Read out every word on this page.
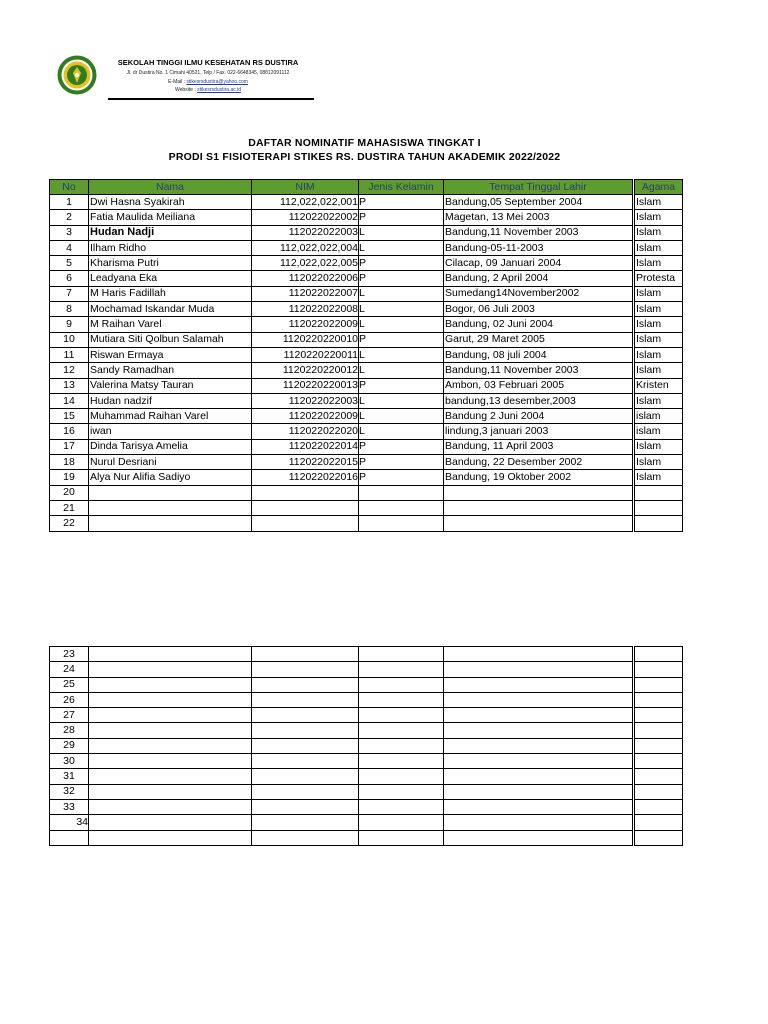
SEKOLAH TINGGI ILMU KESEHATAN RS DUSTIRA
Jl. dr Dustira No. 1 Cimahi 40521, Telp / Fax. 022-6648345, 08812091112
E-Mail : stikesrsdustira@yahoo.com
Website : stikesrsdustira.ac.id
DAFTAR NOMINATIF MAHASISWA TINGKAT I
PRODI S1 FISIOTERAPI STIKES RS. DUSTIRA TAHUN AKADEMIK 2022/2022
No	Nama	NIM	Jenis Kelamin	Tempat Tinggal Lahir	Agama
1	Dwi Hasna Syakirah	112,022,022,001	P	Bandung,05 September 2004	Islam
2	Fatia Maulida Meiliana	112022022002	P	Magetan, 13 Mei 2003	Islam
3	Hudan Nadji	112022022003	L	Bandung,11 November 2003	Islam
4	Ilham Ridho	112,022,022,004	L	Bandung-05-11-2003	Islam
5	Kharisma Putri	112,022,022,005	P	Cilacap, 09 Januari 2004	Islam
6	Leadyana Eka	112022022006	P	Bandung, 2 April 2004	Protesta
7	M Haris Fadillah	112022022007	L	Sumedang14November2002	Islam
8	Mochamad Iskandar Muda	112022022008	L	Bogor, 06 Juli 2003	Islam
9	M Raihan Varel	112022022009	L	Bandung, 02 Juni 2004	Islam
10	Mutiara Siti Qolbun Salamah	1120220220010	P	Garut, 29 Maret 2005	Islam
11	Riswan Ermaya	1120220220011	L	Bandung, 08 juli 2004	Islam
12	Sandy Ramadhan	1120220220012	L	Bandung,11 November 2003	Islam
13	Valerina Matsy Tauran	1120220220013	P	Ambon, 03 Februari 2005	Kristen
14	Hudan nadzif	112022022003	L	bandung,13 desember,2003	Islam
15	Muhammad Raihan Varel	112022022009	L	Bandung 2 Juni 2004	islam
16	iwan	112022022020	L	lindung,3 januari 2003	islam
17	Dinda Tarisya Amelia	112022022014	P	Bandung, 11 April 2003	Islam
18	Nurul Desriani	112022022015	P	Bandung, 22 Desember 2002	Islam
19	Alya Nur Alifia Sadiyo	112022022016	P	Bandung, 19 Oktober 2002	Islam
20					
21					
22					
23					
24					
25					
26					
27					
28					
29					
30					
31					
32					
33					
34					
